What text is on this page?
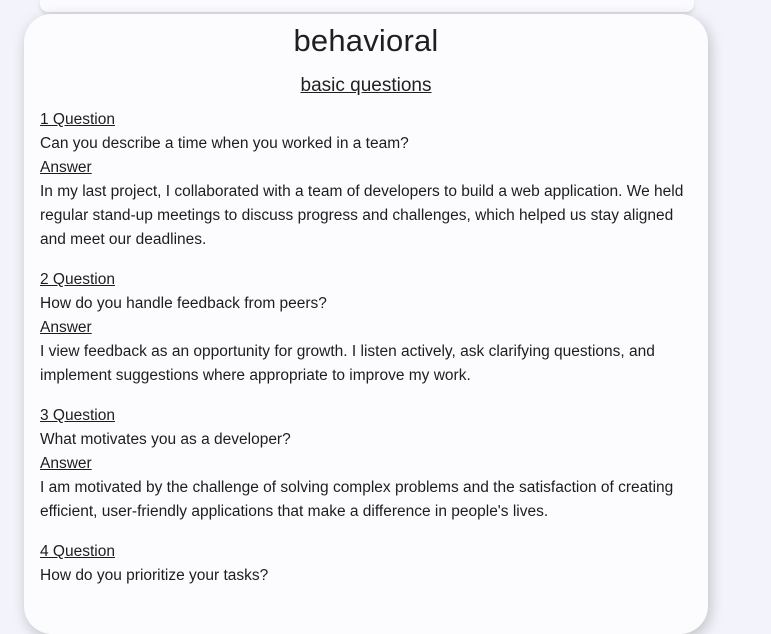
behavioral
basic questions

1 Question

Can you describe a time when you worked in a team?

Answer

In my last project, I collaborated with a team of developers to build a web application. We held regular stand-up meetings to discuss progress and challenges, which helped us stay aligned and meet our deadlines.

2 Question

How do you handle feedback from peers?

Answer

I view feedback as an opportunity for growth. I listen actively, ask clarifying questions, and implement suggestions where appropriate to improve my work.

3 Question

What motivates you as a developer?

Answer

I am motivated by the challenge of solving complex problems and the satisfaction of creating efficient, user-friendly applications that make a difference in people's lives.

4 Question

How do you prioritize your tasks?
